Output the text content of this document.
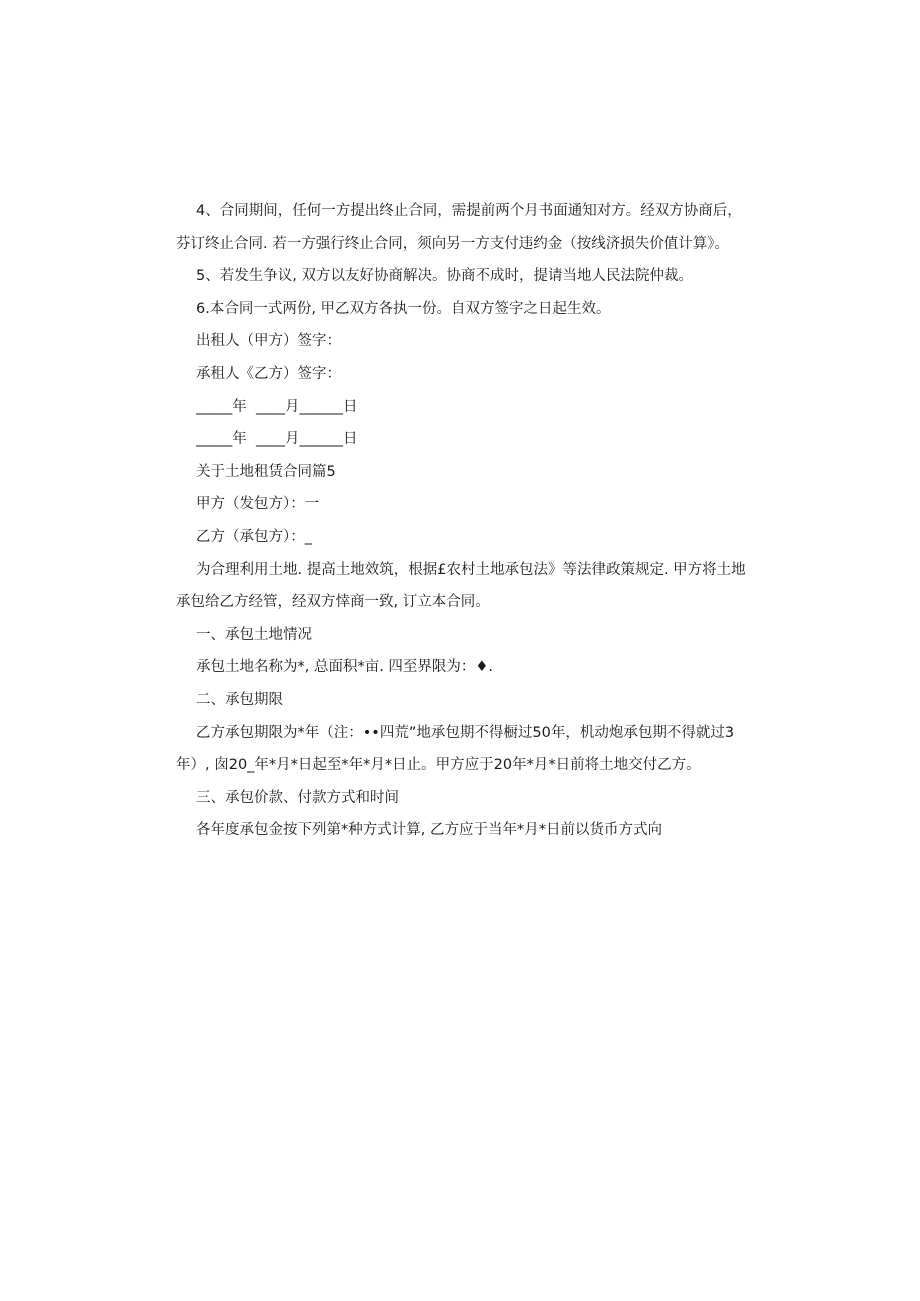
4、合同期间，任何一方提出终止合同，需提前两个月书面通知对方。经双方协商后，芬订终止合同. 若一方强行终止合同，须向另一方支付违约金（按线济损失价值计算》。

5、若发生争议, 双方以友好协商解决。协商不成时，提请当地人民法院仲裁。

6.本合同一式两份, 甲乙双方各执一份。自双方签字之日起生效。

出租人（甲方）签字：

承租人《乙方）签字：

_____年  ____月______日

_____年  ____月______日

关于土地租赁合同篇5

甲方（发包方）：一

乙方（承包方）：_

为合理利用土地. 提高土地效筑，根据£农村土地承包法》等法律政策规定. 甲方将土地承包给乙方经管，经双方悻商一致, 订立本合同。

一、承包土地情况

承包土地名称为*, 总面积*亩. 四至界限为：♦.

二、承包期限

乙方承包期限为*年（注：••四荒”地承包期不得橱过50年，机动炮承包期不得就过3年）, 囱20_年*月*日起至*年*月*日止。甲方应于20年*月*日前将土地交付乙方。

三、承包价款、付款方式和时间

各年度承包金按下列第*种方式计算, 乙方应于当年*月*日前以货币方式向
